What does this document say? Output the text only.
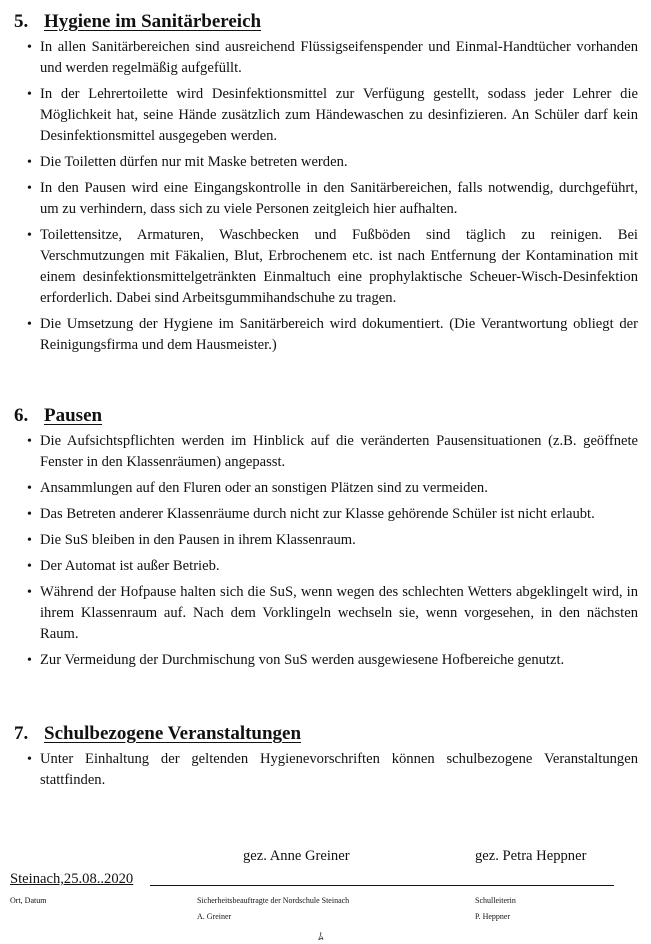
5. Hygiene im Sanitärbereich
• In allen Sanitärbereichen sind ausreichend Flüssigseifenspender und Einmal-Handtücher vorhanden und werden regelmäßig aufgefüllt.
• In der Lehrertoilette wird Desinfektionsmittel zur Verfügung gestellt, sodass jeder Lehrer die Möglichkeit hat, seine Hände zusätzlich zum Händewaschen zu desinfizieren. An Schüler darf kein Desinfektionsmittel ausgegeben werden.
• Die Toiletten dürfen nur mit Maske betreten werden.
• In den Pausen wird eine Eingangskontrolle in den Sanitärbereichen, falls notwendig, durchgeführt, um zu verhindern, dass sich zu viele Personen zeitgleich hier aufhalten.
• Toilettensitze, Armaturen, Waschbecken und Fußböden sind täglich zu reinigen. Bei Verschmutzungen mit Fäkalien, Blut, Erbrochenem etc. ist nach Entfernung der Kontamination mit einem desinfektionsmittelgetränkten Einmaltuch eine prophylaktische Scheuer-Wisch-Desinfektion erforderlich. Dabei sind Arbeitsgummihandschuhe zu tragen.
• Die Umsetzung der Hygiene im Sanitärbereich wird dokumentiert. (Die Verantwortung obliegt der Reinigungsfirma und dem Hausmeister.)
6. Pausen
• Die Aufsichtspflichten werden im Hinblick auf die veränderten Pausensituationen (z.B. geöffnete Fenster in den Klassenräumen) angepasst.
• Ansammlungen auf den Fluren oder an sonstigen Plätzen sind zu vermeiden.
• Das Betreten anderer Klassenräume durch nicht zur Klasse gehörende Schüler ist nicht erlaubt.
• Die SuS bleiben in den Pausen in ihrem Klassenraum.
• Der Automat ist außer Betrieb.
• Während der Hofpause halten sich die SuS, wenn wegen des schlechten Wetters abgeklingelt wird, in ihrem Klassenraum auf. Nach dem Vorklingeln wechseln sie, wenn vorgesehen, in den nächsten Raum.
• Zur Vermeidung der Durchmischung von SuS werden ausgewiesene Hofbereiche genutzt.
7. Schulbezogene Veranstaltungen
• Unter Einhaltung der geltenden Hygienevorschriften können schulbezogene Veranstaltungen stattfinden.
gez. Anne Greiner	gez. Petra Heppner
Steinach,25.08..2020
Ort, Datum	Sicherheitsbeauftragte der Nordschule Steinach
A. Greiner
Schulleiterin
P. Heppner
ﾑ
